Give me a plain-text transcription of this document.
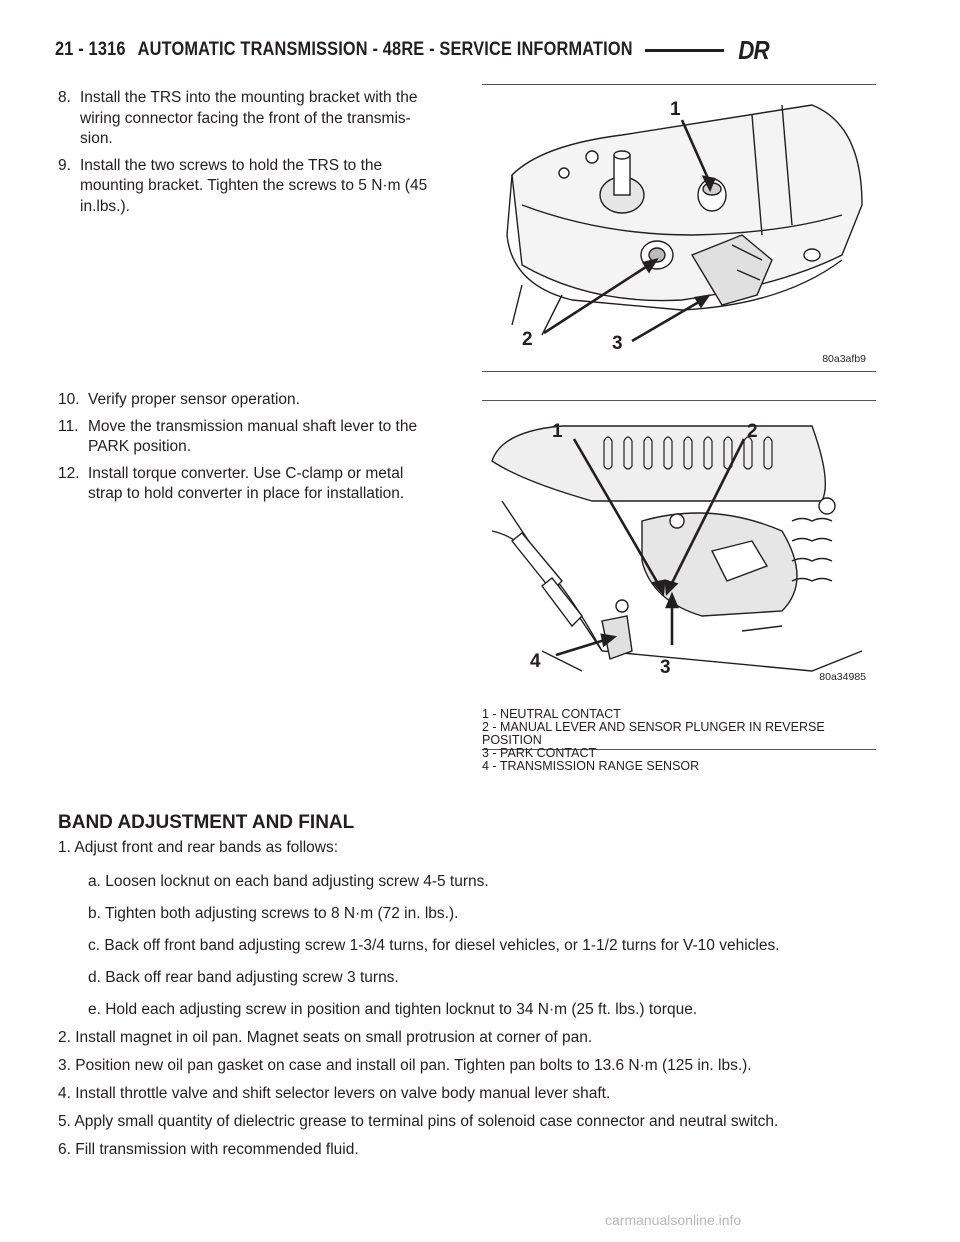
21 - 1316 AUTOMATIC TRANSMISSION - 48RE - SERVICE INFORMATION	DR
8. Install the TRS into the mounting bracket with the
wiring connector facing the front of the transmis-
sion.
9. Install the two screws to hold the TRS to the
mounting bracket. Tighten the screws to 5 N·m (45
in.lbs.).
10. Verify proper sensor operation.
11. Move the transmission manual shaft lever to the
PARK position.
12. Install torque converter. Use C-clamp or metal
strap to hold converter in place for installation.
1
2	3
80a3afb9
1	2
3
4
80a34985
1 - NEUTRAL CONTACT
2 - MANUAL LEVER AND SENSOR PLUNGER IN REVERSE
POSITION
3 - PARK CONTACT
4 - TRANSMISSION RANGE SENSOR
BAND ADJUSTMENT AND FINAL

1. Adjust front and rear bands as follows:

a. Loosen locknut on each band adjusting screw 4-5 turns.

b. Tighten both adjusting screws to 8 N·m (72 in. lbs.).

c. Back off front band adjusting screw 1-3/4 turns, for diesel vehicles, or 1-1/2 turns for V-10 vehicles.

d. Back off rear band adjusting screw 3 turns.

e. Hold each adjusting screw in position and tighten locknut to 34 N·m (25 ft. lbs.) torque.

2. Install magnet in oil pan. Magnet seats on small protrusion at corner of pan.

3. Position new oil pan gasket on case and install oil pan. Tighten pan bolts to 13.6 N·m (125 in. lbs.).

4. Install throttle valve and shift selector levers on valve body manual lever shaft.

5. Apply small quantity of dielectric grease to terminal pins of solenoid case connector and neutral switch.

6. Fill transmission with recommended fluid.

carmanualsonline.info
